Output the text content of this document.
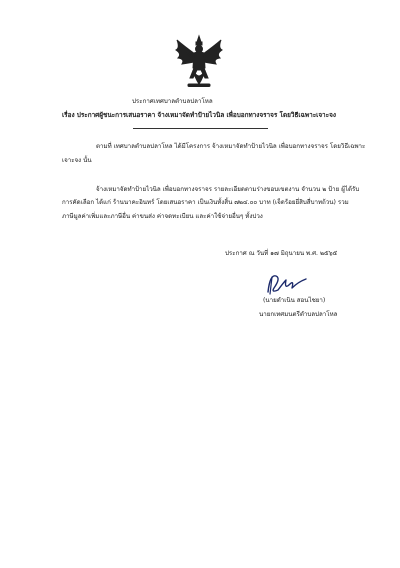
ประกาศเทศบาลตำบลปลาโหล
เรื่อง ประกาศผู้ชนะการเสนอราคา จ้างเหมาจัดทำป้ายไวนิล เพื่อบอกทางจราจร โดยวิธีเฉพาะเจาะจง
ตามที่ เทศบาลตำบลปลาโหล ได้มีโครงการ จ้างเหมาจัดทำป้ายไวนิล เพื่อบอกทางจราจร โดยวิธีเฉพาะ
เจาะจง นั้น
จ้างเหมาจัดทำป้ายไวนิล เพื่อบอกทางจราจร รายละเอียดตามร่างขอบเขตงาน จำนวน ๒ ป้าย ผู้ได้รับ
การคัดเลือก ได้แก่ ร้านนาคะอินทร์ โดยเสนอราคา เป็นเงินทั้งสิ้น ๗๒๔.๐๐ บาท (เจ็ดร้อยยี่สิบสี่บาทถ้วน) รวม
ภาษีมูลค่าเพิ่มและภาษีอื่น ค่าขนส่ง ค่าจดทะเบียน และค่าใช้จ่ายอื่นๆ ทั้งปวง
ประกาศ ณ วันที่ ๑๗ มิถุนายน พ.ศ. ๒๕๖๕
(นายดำเนิน สอนไชยา)
นายกเทศมนตรีตำบลปลาโหล
